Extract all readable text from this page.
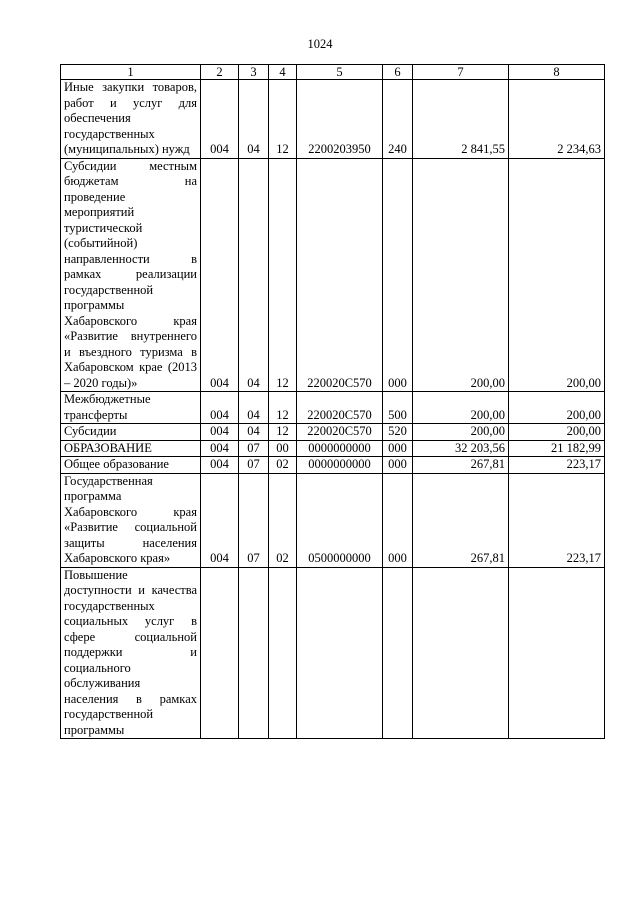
1024
1	2	3	4	5	6	7	8
Иные закупки товаров, работ и услуг для обеспечения государственных (муниципальных) нужд	004	04	12	2200203950	240	2 841,55	2 234,63
Субсидии местным бюджетам на проведение мероприятий туристической (событийной) направленности в рамках реализации государственной программы Хабаровского края «Развитие внутреннего и въездного туризма в Хабаровском крае (2013 – 2020 годы)»	004	04	12	220020С570	000	200,00	200,00
Межбюджетные трансферты	004	04	12	220020С570	500	200,00	200,00
Субсидии	004	04	12	220020С570	520	200,00	200,00
ОБРАЗОВАНИЕ	004	07	00	0000000000	000	32 203,56	21 182,99
Общее образование	004	07	02	0000000000	000	267,81	223,17
Государственная программа Хабаровского края «Развитие социальной защиты населения Хабаровского края»	004	07	02	0500000000	000	267,81	223,17
Повышение доступности и качества государственных социальных услуг в сфере социальной поддержки и социального обслуживания населения в рамках государственной программы							
